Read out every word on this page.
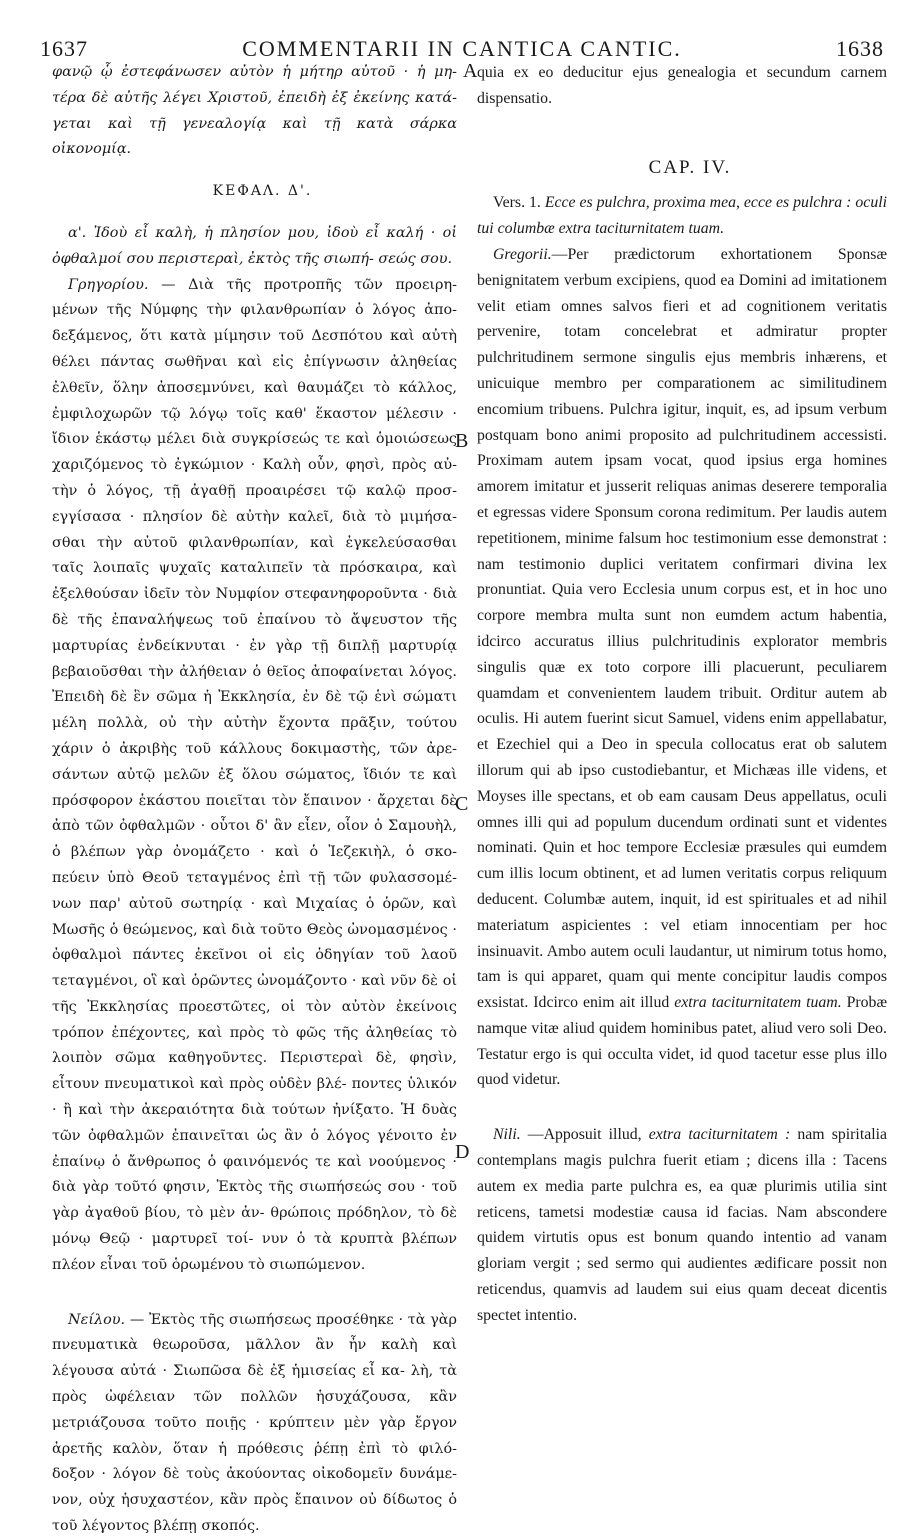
1637	COMMENTARII IN CANTICA CANTIC.	1638
A
B
C
D

φανῷ ᾧ ἐστεφάνωσεν αὐτὸν ἡ μήτηρ αὐτοῦ · ἡ μη- τέρα δὲ αὐτῆς λέγει Χριστοῦ, ἐπειδὴ ἐξ ἐκείνης κατά- γεται καὶ τῇ γενεαλογίᾳ καὶ τῇ κατὰ σάρκα οἰκονομίᾳ.

ΚΕΦΑΛ. Δ'.

α'. Ἰδοὺ εἶ καλὴ, ἡ πλησίον μου, ἰδοὺ εἶ καλή · οἱ ὀφθαλμοί σου περιστεραὶ, ἐκτὸς τῆς σιωπή- σεώς σου.

Γρηγορίου. — Διὰ τῆς προτροπῆς τῶν προειρη- μένων τῆς Νύμφης τὴν φιλανθρωπίαν ὁ λόγος ἀπο- δεξάμενος, ὅτι κατὰ μίμησιν τοῦ Δεσπότου καὶ αὐτὴ θέλει πάντας σωθῆναι καὶ εἰς ἐπίγνωσιν ἀληθείας ἐλθεῖν, ὅλην ἀποσεμνύνει, καὶ θαυμάζει τὸ κάλλος, ἐμφιλοχωρῶν τῷ λόγῳ τοῖς καθ' ἕκαστον μέλεσιν · ἴδιον ἑκάστῳ μέλει διὰ συγκρίσεώς τε καὶ ὁμοιώσεως χαριζόμενος τὸ ἐγκώμιον · Καλὴ οὖν, φησὶ, πρὸς αὐ- τὴν ὁ λόγος, τῇ ἀγαθῇ προαιρέσει τῷ καλῷ προσ- εγγίσασα · πλησίον δὲ αὐτὴν καλεῖ, διὰ τὸ μιμήσα- σθαι τὴν αὐτοῦ φιλανθρωπίαν, καὶ ἐγκελεύσασθαι ταῖς λοιπαῖς ψυχαῖς καταλιπεῖν τὰ πρόσκαιρα, καὶ ἐξελθούσαν ἰδεῖν τὸν Νυμφίον στεφανηφοροῦντα · διὰ δὲ τῆς ἐπαναλήψεως τοῦ ἐπαίνου τὸ ἄψευστον τῆς μαρτυρίας ἐνδείκνυται · ἐν γὰρ τῇ διπλῇ μαρτυρίᾳ βεβαιοῦσθαι τὴν ἀλήθειαν ὁ θεῖος ἀποφαίνεται λόγος. Ἐπειδὴ δὲ ἓν σῶμα ἡ Ἐκκλησία, ἐν δὲ τῷ ἑνὶ σώματι μέλη πολλὰ, οὐ τὴν αὐτὴν ἔχοντα πρᾶξιν, τούτου χάριν ὁ ἀκριβὴς τοῦ κάλλους δοκιμαστὴς, τῶν ἀρε- σάντων αὐτῷ μελῶν ἐξ ὅλου σώματος, ἴδιόν τε καὶ πρόσφορον ἑκάστου ποιεῖται τὸν ἔπαινον · ἄρχεται δὲ ἀπὸ τῶν ὀφθαλμῶν · οὗτοι δ' ἂν εἶεν, οἷον ὁ Σαμουὴλ, ὁ βλέπων γὰρ ὀνομάζετο · καὶ ὁ Ἰεζεκιὴλ, ὁ σκο- πεύειν ὑπὸ Θεοῦ τεταγμένος ἐπὶ τῇ τῶν φυλασσομέ- νων παρ' αὐτοῦ σωτηρίᾳ · καὶ Μιχαίας ὁ ὁρῶν, καὶ Μωσῆς ὁ θεώμενος, καὶ διὰ τοῦτο Θεὸς ὠνομασμένος · ὀφθαλμοὶ πάντες ἐκεῖνοι οἱ εἰς ὁδηγίαν τοῦ λαοῦ τεταγμένοι, οἳ καὶ ὁρῶντες ὠνομάζοντο · καὶ νῦν δὲ οἱ τῆς Ἐκκλησίας προεστῶτες, οἱ τὸν αὐτὸν ἐκείνοις τρόπον ἐπέχοντες, καὶ πρὸς τὸ φῶς τῆς ἀληθείας τὸ λοιπὸν σῶμα καθηγοῦντες. Περιστεραὶ δὲ, φησὶν, εἶτουν πνευματικοὶ καὶ πρὸς οὐδὲν βλέ- ποντες ὑλικόν · ἢ καὶ τὴν ἀκεραιότητα διὰ τούτων ἠνίξατο. Ἡ δυὰς τῶν ὀφθαλμῶν ἐπαινεῖται ὡς ἂν ὁ λόγος γένοιτο ἐν ἐπαίνῳ ὁ ἄνθρωπος ὁ φαινόμενός τε καὶ νοούμενος · διὰ γὰρ τοῦτό φησιν, Ἐκτὸς τῆς σιωπήσεώς σου · τοῦ γὰρ ἀγαθοῦ βίου, τὸ μὲν ἀν- θρώποις πρόδηλον, τὸ δὲ μόνῳ Θεῷ · μαρτυρεῖ τοί- νυν ὁ τὰ κρυπτὰ βλέπων πλέον εἶναι τοῦ ὁρωμένου τὸ σιωπώμενον.

Νείλου. — Ἐκτὸς τῆς σιωπήσεως προσέθηκε · τὰ γὰρ πνευματικὰ θεωροῦσα, μᾶλλον ἂν ἦν καλὴ καὶ λέγουσα αὐτά · Σιωπῶσα δὲ ἐξ ἡμισείας εἶ κα- λὴ, τὰ πρὸς ὠφέλειαν τῶν πολλῶν ἡσυχάζουσα, κἂν μετριάζουσα τοῦτο ποιῇς · κρύπτειν μὲν γὰρ ἔργον ἀρετῆς καλὸν, ὅταν ἡ πρόθεσις ῥέπῃ ἐπὶ τὸ φιλό- δοξον · λόγον δὲ τοὺς ἀκούοντας οἰκοδομεῖν δυνάμε- νον, οὐχ ἡσυχαστέον, κἂν πρὸς ἔπαινον οὐ δίδωτος ὁ τοῦ λέγοντος βλέπῃ σκοπός.

quia ex eo deducitur ejus genealogia et secundum carnem dispensatio.

CAP. IV.

Vers. 1. Ecce es pulchra, proxima mea, ecce es pulchra : oculi tui columbæ extra taciturnitatem tuam.

Gregorii.—Per prædictorum exhortationem Sponsæ benignitatem verbum excipiens, quod ea Domini ad imitationem velit etiam omnes salvos fieri et ad cognitionem veritatis pervenire, totam concelebrat et admiratur propter pulchritudinem sermone singulis ejus membris inhærens, et unicuique membro per comparationem ac similitudinem encomium tribuens. Pulchra igitur, inquit, es, ad ipsum verbum postquam bono animi proposito ad pulchritudinem accessisti. Proximam autem ipsam vocat, quod ipsius erga homines amorem imitatur et jusserit reliquas animas deserere temporalia et egressas videre Sponsum corona redimitum. Per laudis autem repetitionem, minime falsum hoc testimonium esse demonstrat : nam testimonio duplici veritatem confirmari divina lex pronuntiat. Quia vero Ecclesia unum corpus est, et in hoc uno corpore membra multa sunt non eumdem actum habentia, idcirco accuratus illius pulchritudinis explorator membris singulis quæ ex toto corpore illi placuerunt, peculiarem quamdam et convenientem laudem tribuit. Orditur autem ab oculis. Hi autem fuerint sicut Samuel, videns enim appellabatur, et Ezechiel qui a Deo in specula collocatus erat ob salutem illorum qui ab ipso custodiebantur, et Michæas ille videns, et Moyses ille spectans, et ob eam causam Deus appellatus, oculi omnes illi qui ad populum ducendum ordinati sunt et videntes nominati. Quin et hoc tempore Ecclesiæ præsules qui eumdem cum illis locum obtinent, et ad lumen veritatis corpus reliquum deducent. Columbæ autem, inquit, id est spirituales et ad nihil materiatum aspicientes : vel etiam innocentiam per hoc insinuavit. Ambo autem oculi laudantur, ut nimirum totus homo, tam is qui apparet, quam qui mente concipitur laudis compos exsistat. Idcirco enim ait illud extra taciturnitatem tuam. Probæ namque vitæ aliud quidem hominibus patet, aliud vero soli Deo. Testatur ergo is qui occulta videt, id quod tacetur esse plus illo quod videtur.

Nili. —Apposuit illud, extra taciturnitatem : nam spiritalia contemplans magis pulchra fuerit etiam ; dicens illa : Tacens autem ex media parte pulchra es, ea quæ plurimis utilia sint reticens, tametsi modestiæ causa id facias. Nam abscondere quidem virtutis opus est bonum quando intentio ad vanam gloriam vergit ; sed sermo qui audientes ædificare possit non reticendus, quamvis ad laudem sui eius quam deceat dicentis spectet intentio.
